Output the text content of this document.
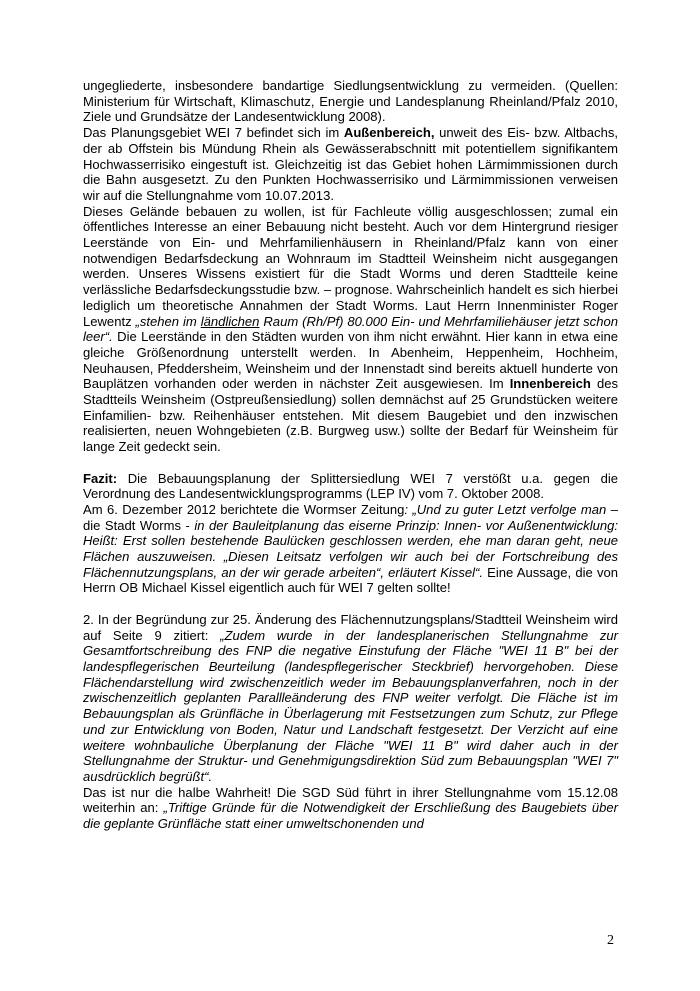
ungegliederte, insbesondere bandartige Siedlungsentwicklung zu vermeiden. (Quellen: Ministerium für Wirtschaft, Klimaschutz, Energie und Landesplanung Rheinland/Pfalz 2010, Ziele und Grundsätze der Landesentwicklung 2008).

Das Planungsgebiet WEI 7 befindet sich im Außenbereich, unweit des Eis- bzw. Altbachs, der ab Offstein bis Mündung Rhein als Gewässerabschnitt mit potentiellem signifikantem Hochwasserrisiko eingestuft ist. Gleichzeitig ist das Gebiet hohen Lärmimmissionen durch die Bahn ausgesetzt. Zu den Punkten Hochwasserrisiko und Lärmimmissionen verweisen wir auf die Stellungnahme vom 10.07.2013.

Dieses Gelände bebauen zu wollen, ist für Fachleute völlig ausgeschlossen; zumal ein öffentliches Interesse an einer Bebauung nicht besteht. Auch vor dem Hintergrund riesiger Leerstände von Ein- und Mehrfamilienhäusern in Rheinland/Pfalz kann von einer notwendigen Bedarfsdeckung an Wohnraum im Stadtteil Weinsheim nicht ausgegangen werden. Unseres Wissens existiert für die Stadt Worms und deren Stadtteile keine verlässliche Bedarfsdeckungsstudie bzw. – prognose. Wahrscheinlich handelt es sich hierbei lediglich um theoretische Annahmen der Stadt Worms. Laut Herrn Innenminister Roger Lewentz „stehen im ländlichen Raum (Rh/Pf) 80.000 Ein- und Mehrfamiliehäuser jetzt schon leer“. Die Leerstände in den Städten wurden von ihm nicht erwähnt. Hier kann in etwa eine gleiche Größenordnung unterstellt werden. In Abenheim, Heppenheim, Hochheim, Neuhausen, Pfeddersheim, Weinsheim und der Innenstadt sind bereits aktuell hunderte von Bauplätzen vorhanden oder werden in nächster Zeit ausgewiesen. Im Innenbereich des Stadtteils Weinsheim (Ostpreußensiedlung) sollen demnächst auf 25 Grundstücken weitere Einfamilien- bzw. Reihenhäuser entstehen. Mit diesem Baugebiet und den inzwischen realisierten, neuen Wohngebieten (z.B. Burgweg usw.) sollte der Bedarf für Weinsheim für lange Zeit gedeckt sein.

Fazit: Die Bebauungsplanung der Splittersiedlung WEI 7 verstößt u.a. gegen die Verordnung des Landesentwicklungsprogramms (LEP IV) vom 7. Oktober 2008.

Am 6. Dezember 2012 berichtete die Wormser Zeitung: „Und zu guter Letzt verfolge man – die Stadt Worms - in der Bauleitplanung das eiserne Prinzip: Innen- vor Außenentwicklung: Heißt: Erst sollen bestehende Baulücken geschlossen werden, ehe man daran geht, neue Flächen auszuweisen. „Diesen Leitsatz verfolgen wir auch bei der Fortschreibung des Flächennutzungsplans, an der wir gerade arbeiten“, erläutert Kissel“. Eine Aussage, die von Herrn OB Michael Kissel eigentlich auch für WEI 7 gelten sollte!

2. In der Begründung zur 25. Änderung des Flächennutzungsplans/Stadtteil Weinsheim wird auf Seite 9 zitiert: „Zudem wurde in der landesplanerischen Stellungnahme zur Gesamtfortschreibung des FNP die negative Einstufung der Fläche "WEI 11 B" bei der landespflegerischen Beurteilung (landespflegerischer Steckbrief) hervorgehoben. Diese Flächendarstellung wird zwischenzeitlich weder im Bebauungsplanverfahren, noch in der zwischenzeitlich geplanten Parallleänderung des FNP weiter verfolgt. Die Fläche ist im Bebauungsplan als Grünfläche in Überlagerung mit Festsetzungen zum Schutz, zur Pflege und zur Entwicklung von Boden, Natur und Landschaft festgesetzt. Der Verzicht auf eine weitere wohnbauliche Überplanung der Fläche "WEI 11 B" wird daher auch in der Stellungnahme der Struktur- und Genehmigungsdirektion Süd zum Bebauungsplan "WEI 7" ausdrücklich begrüßt“.

Das ist nur die halbe Wahrheit! Die SGD Süd führt in ihrer Stellungnahme vom 15.12.08 weiterhin an: „Triftige Gründe für die Notwendigkeit der Erschließung des Baugebiets über die geplante Grünfläche statt einer umweltschonenden und

2
